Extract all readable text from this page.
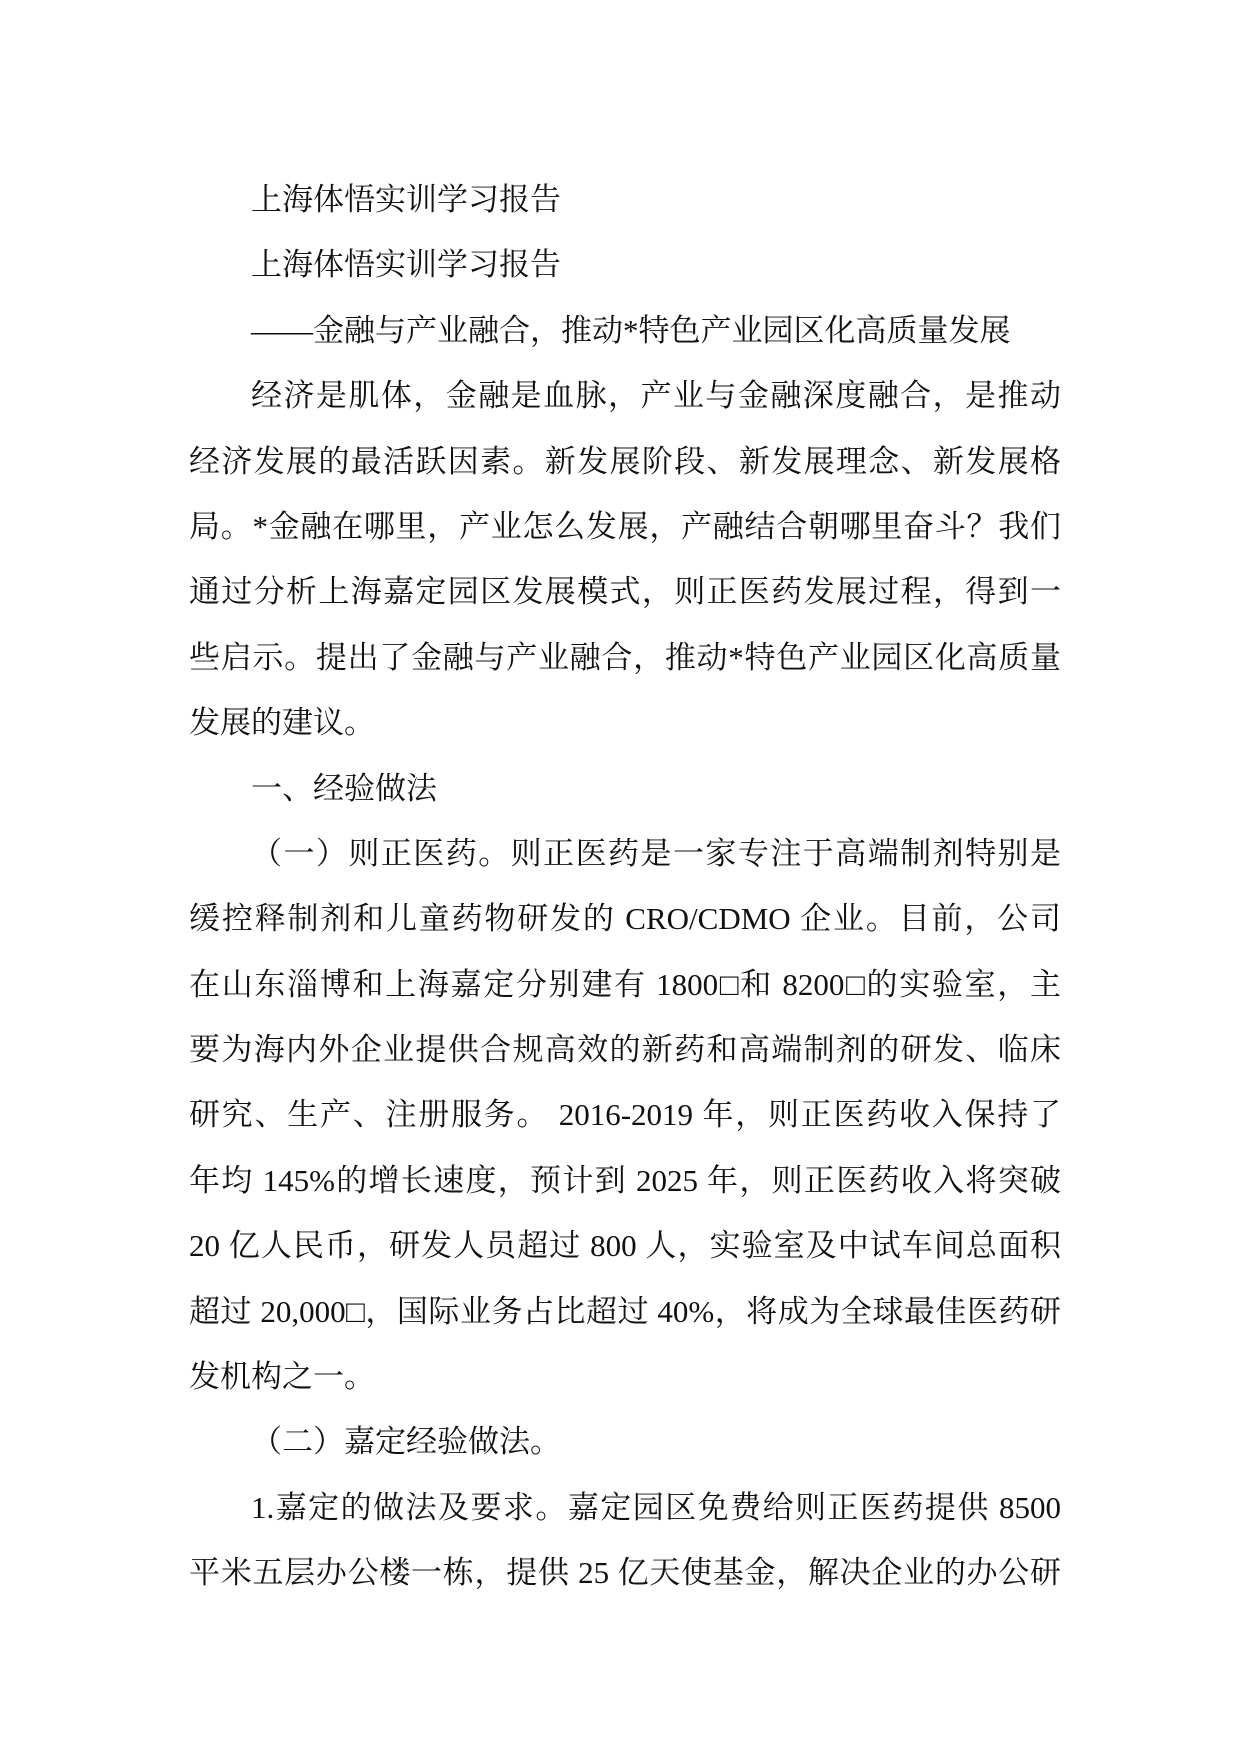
上海体悟实训学习报告
上海体悟实训学习报告
——金融与产业融合，推动*特色产业园区化高质量发展
经济是肌体，金融是血脉，产业与金融深度融合，是推动
经济发展的最活跃因素。新发展阶段、新发展理念、新发展格
局。*金融在哪里，产业怎么发展，产融结合朝哪里奋斗？我们
通过分析上海嘉定园区发展模式，则正医药发展过程，得到一
些启示。提出了金融与产业融合，推动*特色产业园区化高质量
发展的建议。
一、经验做法
（一）则正医药。则正医药是一家专注于高端制剂特别是
缓控释制剂和儿童药物研发的 CRO/CDMO 企业。目前，公司
在山东淄博和上海嘉定分别建有 1800□和 8200□的实验室，主
要为海内外企业提供合规高效的新药和高端制剂的研发、临床
研究、生产、注册服务。 2016-2019 年，则正医药收入保持了
年均 145%的增长速度，预计到 2025 年，则正医药收入将突破
20 亿人民币，研发人员超过 800 人，实验室及中试车间总面积
超过 20,000□，国际业务占比超过 40%，将成为全球最佳医药研
发机构之一。
（二）嘉定经验做法。
1.嘉定的做法及要求。嘉定园区免费给则正医药提供 8500
平米五层办公楼一栋，提供 25 亿天使基金，解决企业的办公研
